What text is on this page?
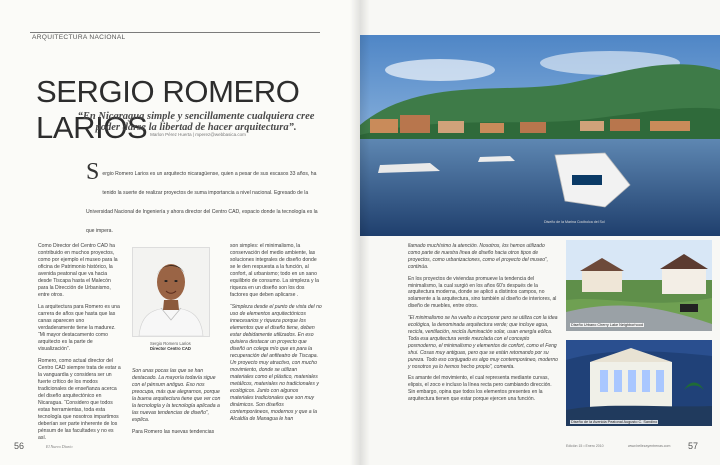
ARQUITECTURA NACIONAL
SERGIO ROMERO LARIOS
“En Nicaragua simple y sencillamente cualquiera cree poder darse la libertad de hacer arquitectura”.
Marlon Pérez Huerta | mperez@webbasica.com
S ergio Romero Larios es un arquitecto nicaragüense, quien a pesar de sus escasos 33 años, ha tenido la suerte de realizar proyectos de suma importancia a nivel nacional. Egresado de la Universidad Nacional de Ingeniería y ahora director del Centro CAD, espacio donde la tecnología es la que impera.

Como Director del Centro CAD ha contribuido en muchos proyectos, como por ejemplo el museo para la oficina de Patrimonio histórico, la avenida peatonal que va hacia desde Tiscapa hasta el Malecón para la Dirección de Urbanismo, entre otros.

La arquitectura para Romero es una carrera de años que hasta que las canas aparecen uno verdaderamente tiene la madurez. “Mi mayor destacamento como arquitecto es la parte de visualización”.

Romero, como actual director del Centro CAD siempre trata de estar a la vanguardia y considera ser un fuerte crítico de los modos tradicionales de enseñanza acerca del diseño arquitectónico en Nicaragua. “Considero que todos estas herramientas, toda esta tecnología que nosotros impartimos deberían ser parte inherente de los pénsum de las facultades y no es así.

Sergio Romero Larios
Director Centro CAD

Son unas pocas las que se han destacado. La mayoría todavía sigue con el pénsum antiguo. Eso nos preocupa, más que alegrarnos, porque la buena arquitectura tiene que ver con la tecnología y la tecnología aplicada a las nuevas tendencias de diseño”, explica.

Para Romero las nuevas tendencias

son simples: el minimalismo, la conservación del medio ambiente, las soluciones integrales de diseño donde se le den respuesta a la función, al confort, al urbanismo; todo en un sano equilibrio de consumo. La simpleza y la riqueza en un diseño son los dos factores que deben aplicarse .

“Simpleza desde el punto de vista del no uso de elementos arquitectónicos innecesarios y riqueza porque los elementos que el diseño tiene, deben estar debidamente utilizados. En eso quisiera destacar un proyecto que diseñó un colega mío que es para la recuperación del anfiteatro de Tiscapa. Un proyecto muy atractivo, con mucho movimiento, donde se utilizan materiales como el plástico, materiales metálicos, materiales no tradicionales y ecológicos. Junto con algunos materiales tradicionales que son muy dinámicos. Son diseños contemporáneos, modernos y que a la Alcaldía de Managua le han

56	El Nuevo Diario
Diseño de la Marina Cocibolca del Sol

llamado muchísimo la atención. Nosotros, los hemos utilizado como parte de nuestra línea de diseño hacia otros tipos de proyectos, como urbanizaciones, como el proyecto del museo”, continúa.

En los proyectos de viviendas promueve la tendencia del minimalismo, la cual surgió en los años 60's después de la arquitectura moderna, donde se aplicó a distintos campos, no solamente a la arquitectura, sino también al diseño de interiores, al diseño de muebles, entre otros.

“El minimalismo se ha vuelto a incorporar pero se utiliza con la idea ecológica, la denominada arquitectura verde; que incluye agua, recicla, ventilación, recicla iluminación solar, usan energía eólica. Toda esa arquitectura verde mezclada con el concepto posmoderno, el minimalismo y elementos de confort, como el Feng shui. Cosas muy antiguas, pero que se están retomando por su pureza. Todo eso conjugado es algo muy contemporáneo, moderno y nosotros ya lo hemos hecho propio”, comenta.

Es amante del movimiento, el cual representa mediante curvas, elipsis, el zoco e incluso la línea recta pero cambiando dirección. Sin embargo, opina que todos los elementos presentes en la arquitectura tienen que estar porque ejercen una función.

Diseño Urbano Cherry Lake Neighborhood
Diseño de la Avenida Peatonal Augusto C. Sandino
Edición 15 • Enero 2010	www.bellezayentrenas.com 57
